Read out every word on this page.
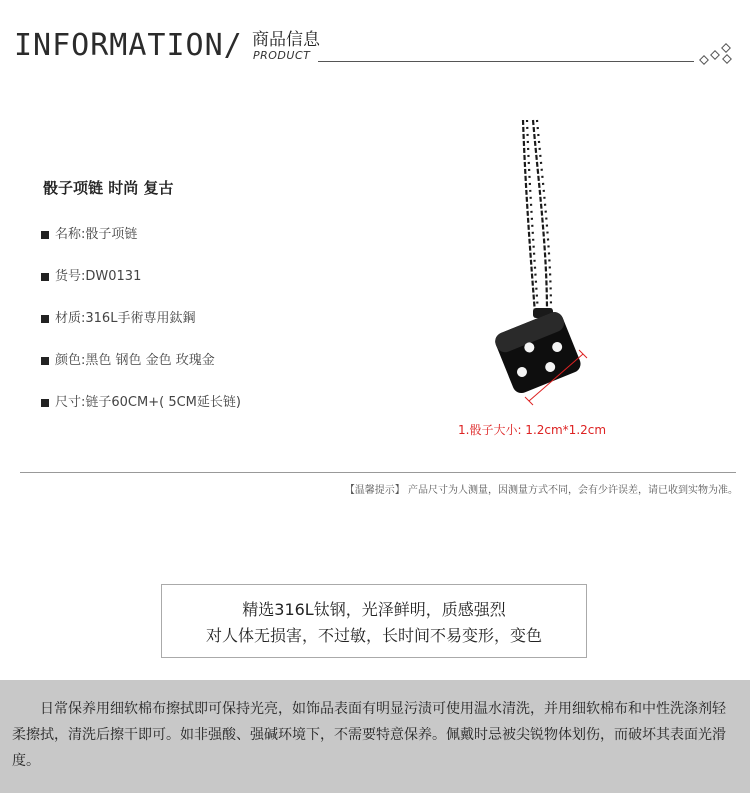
INFORMATION/ 商品信息
PRODUCT
骰子项链 时尚 复古
名称: 骰子项链
货号: DW0131
材质: 316L手術専用鈦鋼
颜色: 黑色 钢色 金色 玫瑰金
尺寸: 链子60CM+( 5CM延长链)
1.骰子大小: 1.2cm*1.2cm
【温馨提示】 产品尺寸为人测量，因测量方式不同，会有少许误差，请已收到实物为准。
精选316L钛钢，光泽鲜明，质感强烈
对人体无损害，不过敏，长时间不易变形，变色
日常保养用细软棉布擦拭即可保持光亮，如饰品表面有明显污渍可使用温水清洗，并用细软棉布和中性洗涤剂轻柔擦拭，清洗后擦干即可。如非强酸、强碱环境下，不需要特意保养。佩戴时忌被尖锐物体划伤，而破坏其表面光滑度。
